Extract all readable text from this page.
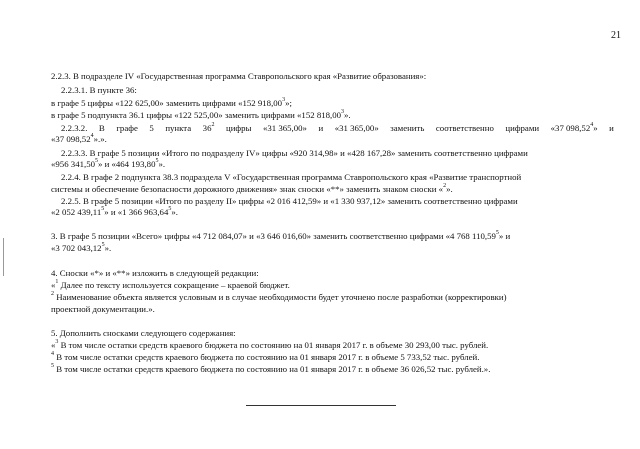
21
2.2.3. В подразделе IV «Государственная программа Ставропольского края «Развитие образования»:
2.2.3.1. В пункте 36:
в графе 5 цифры «122 625,00» заменить цифрами «152 918,00$^3$»;
в графе 5 подпункта 36.1 цифры «122 525,00» заменить цифрами «152 818,00$^3$».
2.2.3.2. В графе 5 пункта $36^2$ цифры «31 365,00» и «31 365,00» заменить соответственно цифрами «37 098,52$^4$» и
«37 098,52$^4$».».
2.2.3.3. В графе 5 позиции «Итого по подразделу IV» цифры «920 314,98» и «428 167,28» заменить соответственно цифрами
«956 341,50$^5$» и «464 193,80$^5$».
2.2.4. В графе 2 подпункта 38.3 подраздела V «Государственная программа Ставропольского края «Развитие транспортной
системы и обеспечение безопасности дорожного движения» знак сноски «**» заменить знаком сноски «$^2$».
2.2.5. В графе 5 позиции «Итого по разделу II» цифры «2 016 412,59» и «1 330 937,12» заменить соответственно цифрами
«2 052 439,11$^5$» и «1 366 963,64$^5$».
3. В графе 5 позиции «Всего» цифры «4 712 084,07» и «3 646 016,60» заменить соответственно цифрами «4 768 110,59$^5$» и
«3 702 043,12$^5$».
4. Сноски «*» и «**» изложить в следующей редакции:
«$^1$ Далее по тексту используется сокращение – краевой бюджет.
$^2$ Наименование объекта является условным и в случае необходимости будет уточнено после разработки (корректировки)
проектной документации.».
5. Дополнить сносками следующего содержания:
«$^3$ В том числе остатки средств краевого бюджета по состоянию на 01 января 2017 г. в объеме 30 293,00 тыс. рублей.
$^4$ В том числе остатки средств краевого бюджета по состоянию на 01 января 2017 г. в объеме 5 733,52 тыс. рублей.
$^5$ В том числе остатки средств краевого бюджета по состоянию на 01 января 2017 г. в объеме 36 026,52 тыс. рублей.».
